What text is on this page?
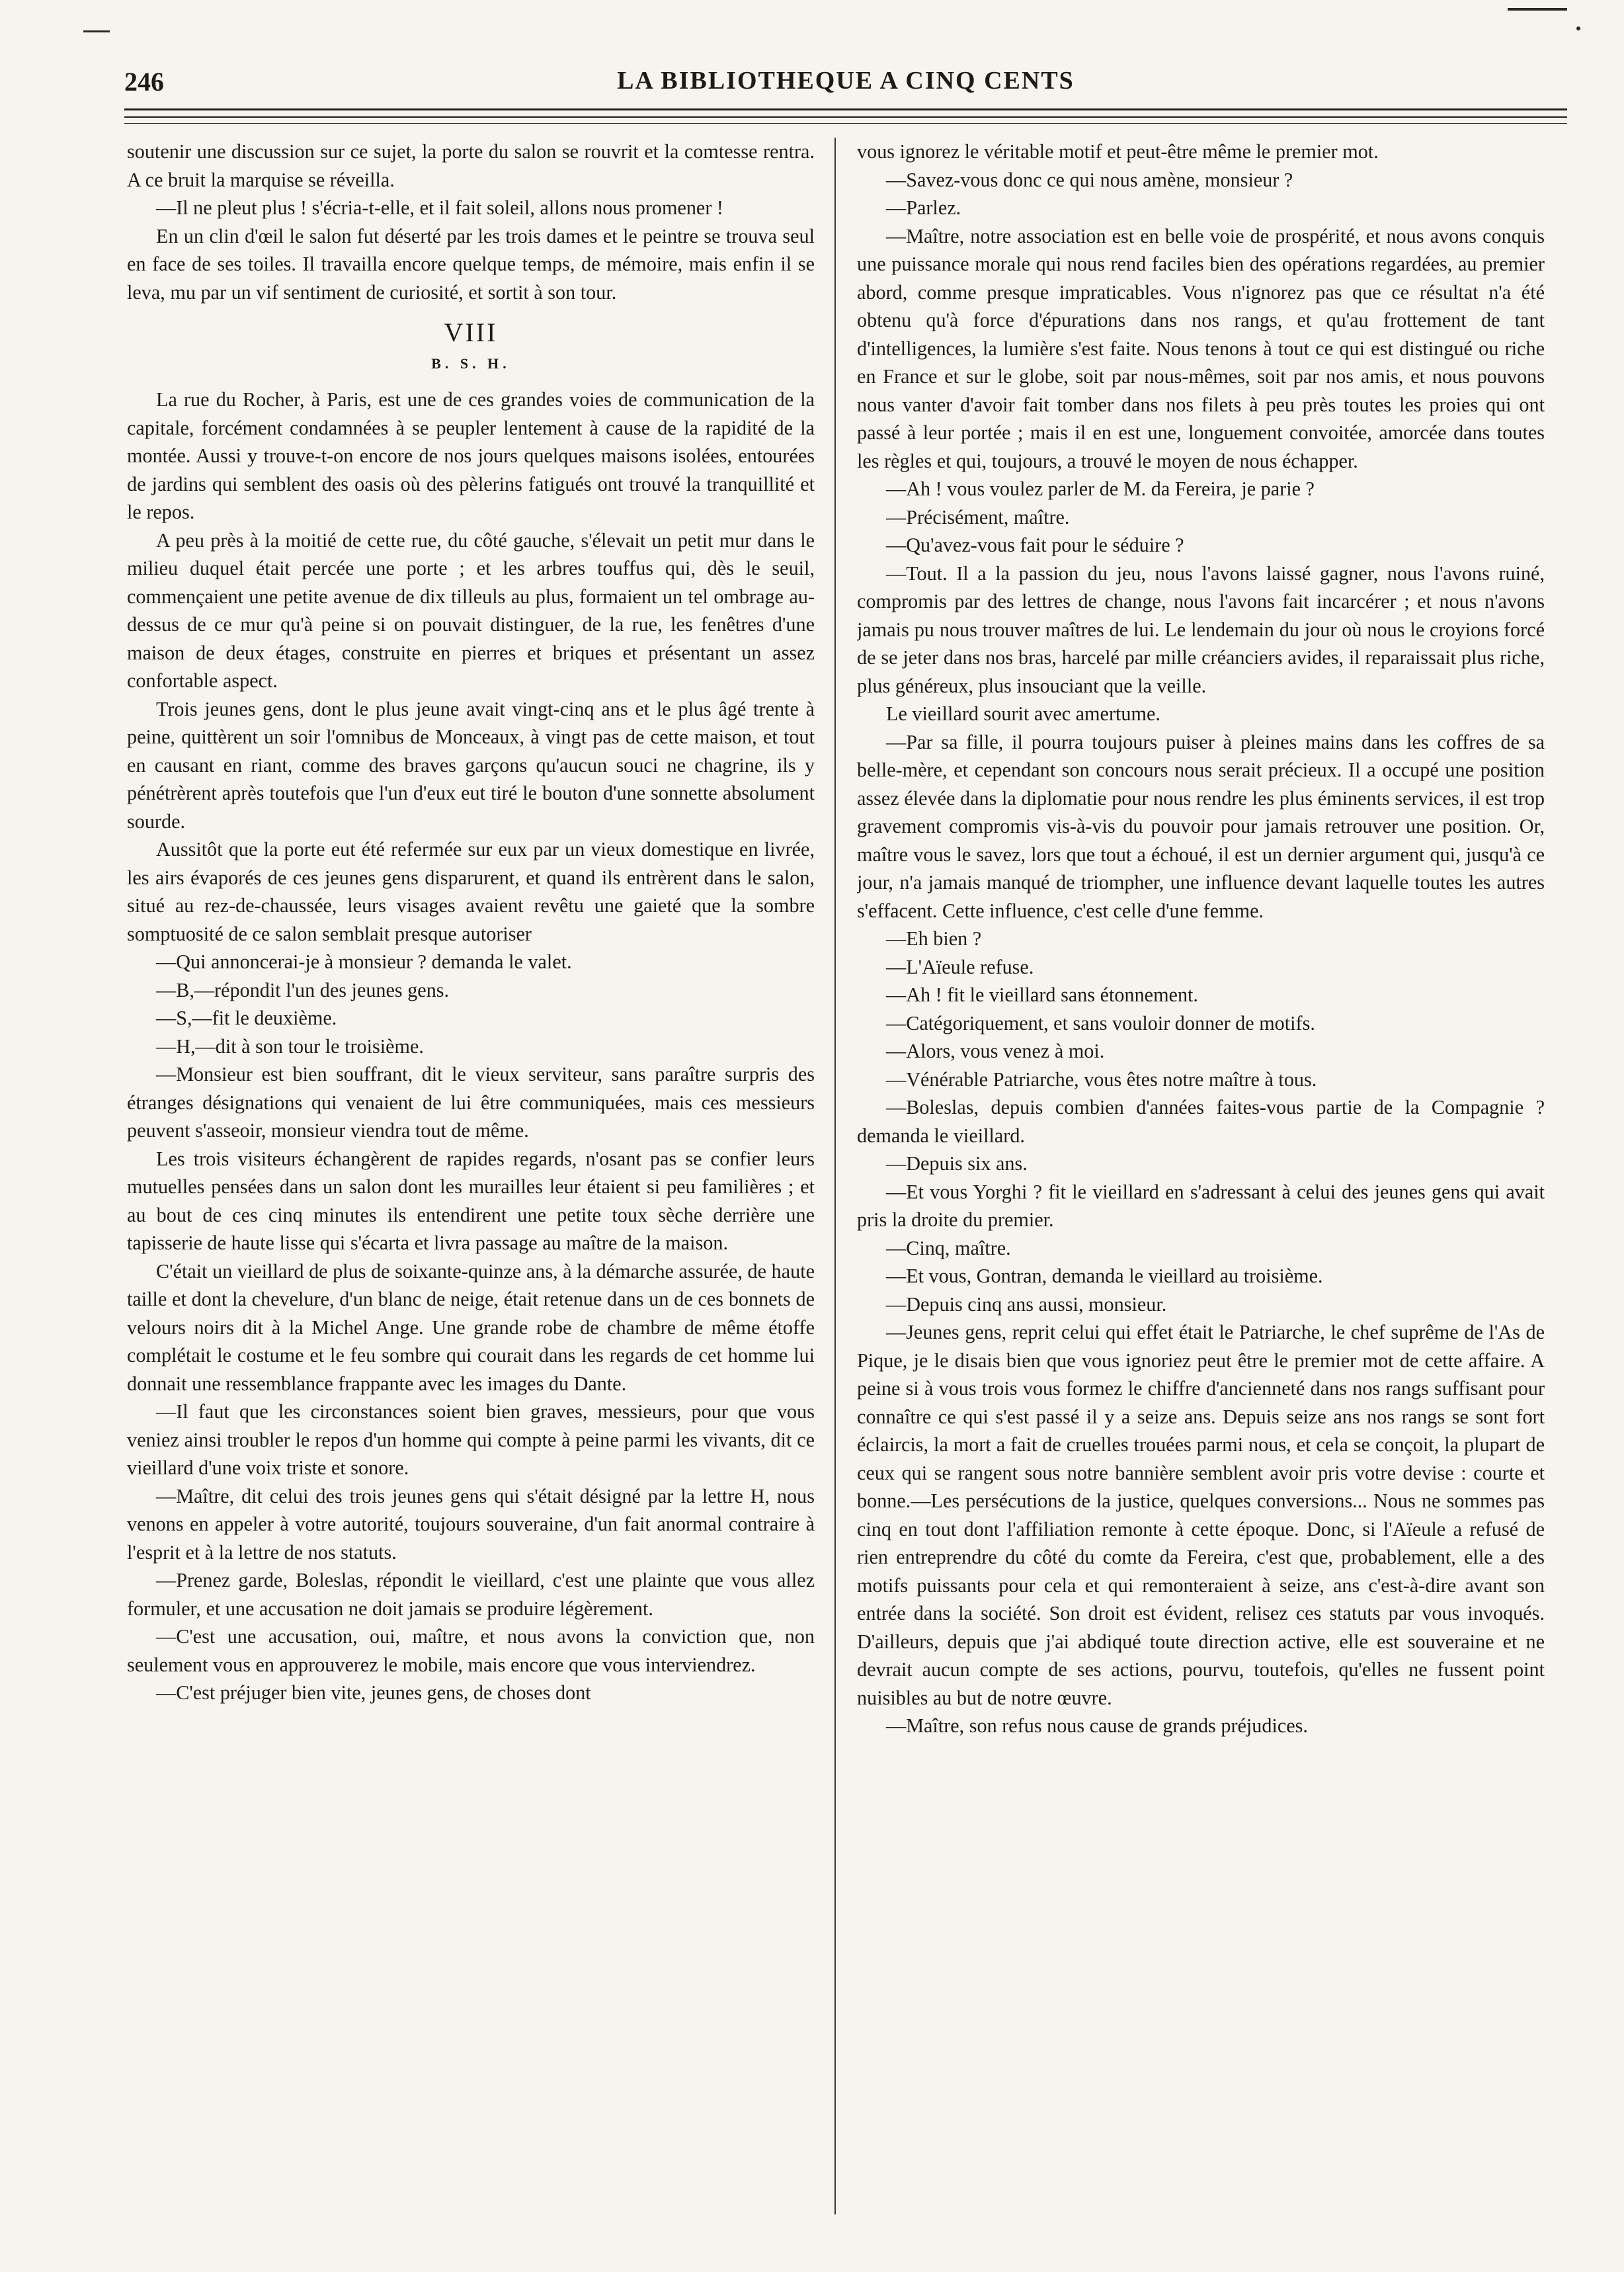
246	LA BIBLIOTHEQUE A CINQ CENTS

soutenir une discussion sur ce sujet, la porte du salon se rouvrit et la comtesse rentra. A ce bruit la marquise se réveilla.

—Il ne pleut plus ! s'écria-t-elle, et il fait soleil, allons nous promener !

En un clin d'œil le salon fut déserté par les trois dames et le peintre se trouva seul en face de ses toiles. Il travailla encore quelque temps, de mémoire, mais enfin il se leva, mu par un vif sentiment de curiosité, et sortit à son tour.

VIII
B. S. H.

La rue du Rocher, à Paris, est une de ces grandes voies de communication de la capitale, forcément condamnées à se peupler lentement à cause de la rapidité de la montée. Aussi y trouve-t-on encore de nos jours quelques maisons isolées, entourées de jardins qui semblent des oasis où des pèlerins fatigués ont trouvé la tranquillité et le repos.

A peu près à la moitié de cette rue, du côté gauche, s'élevait un petit mur dans le milieu duquel était percée une porte ; et les arbres touffus qui, dès le seuil, commençaient une petite avenue de dix tilleuls au plus, formaient un tel ombrage au-dessus de ce mur qu'à peine si on pouvait distinguer, de la rue, les fenêtres d'une maison de deux étages, construite en pierres et briques et présentant un assez confortable aspect.

Trois jeunes gens, dont le plus jeune avait vingt-cinq ans et le plus âgé trente à peine, quittèrent un soir l'omnibus de Monceaux, à vingt pas de cette maison, et tout en causant en riant, comme des braves garçons qu'aucun souci ne chagrine, ils y pénétrèrent après toutefois que l'un d'eux eut tiré le bouton d'une sonnette absolument sourde.

Aussitôt que la porte eut été refermée sur eux par un vieux domestique en livrée, les airs évaporés de ces jeunes gens disparurent, et quand ils entrèrent dans le salon, situé au rez-de-chaussée, leurs visages avaient revêtu une gaieté que la sombre somptuosité de ce salon semblait presque autoriser

—Qui annoncerai-je à monsieur ? demanda le valet.

—B,—répondit l'un des jeunes gens.

—S,—fit le deuxième.

—H,—dit à son tour le troisième.

—Monsieur est bien souffrant, dit le vieux serviteur, sans paraître surpris des étranges désignations qui venaient de lui être communiquées, mais ces messieurs peuvent s'asseoir, monsieur viendra tout de même.

Les trois visiteurs échangèrent de rapides regards, n'osant pas se confier leurs mutuelles pensées dans un salon dont les murailles leur étaient si peu familières ; et au bout de ces cinq minutes ils entendirent une petite toux sèche derrière une tapisserie de haute lisse qui s'écarta et livra passage au maître de la maison.

C'était un vieillard de plus de soixante-quinze ans, à la démarche assurée, de haute taille et dont la chevelure, d'un blanc de neige, était retenue dans un de ces bonnets de velours noirs dit à la Michel Ange. Une grande robe de chambre de même étoffe complétait le costume et le feu sombre qui courait dans les regards de cet homme lui donnait une ressemblance frappante avec les images du Dante.

—Il faut que les circonstances soient bien graves, messieurs, pour que vous veniez ainsi troubler le repos d'un homme qui compte à peine parmi les vivants, dit ce vieillard d'une voix triste et sonore.

—Maître, dit celui des trois jeunes gens qui s'était désigné par la lettre H, nous venons en appeler à votre autorité, toujours souveraine, d'un fait anormal contraire à l'esprit et à la lettre de nos statuts.

—Prenez garde, Boleslas, répondit le vieillard, c'est une plainte que vous allez formuler, et une accusation ne doit jamais se produire légèrement.

—C'est une accusation, oui, maître, et nous avons la conviction que, non seulement vous en approuverez le mobile, mais encore que vous interviendrez.

—C'est préjuger bien vite, jeunes gens, de choses dont

vous ignorez le véritable motif et peut-être même le premier mot.

—Savez-vous donc ce qui nous amène, monsieur ?

—Parlez.

—Maître, notre association est en belle voie de prospérité, et nous avons conquis une puissance morale qui nous rend faciles bien des opérations regardées, au premier abord, comme presque impraticables. Vous n'ignorez pas que ce résultat n'a été obtenu qu'à force d'épurations dans nos rangs, et qu'au frottement de tant d'intelligences, la lumière s'est faite. Nous tenons à tout ce qui est distingué ou riche en France et sur le globe, soit par nous-mêmes, soit par nos amis, et nous pouvons nous vanter d'avoir fait tomber dans nos filets à peu près toutes les proies qui ont passé à leur portée ; mais il en est une, longuement convoitée, amorcée dans toutes les règles et qui, toujours, a trouvé le moyen de nous échapper.

—Ah ! vous voulez parler de M. da Fereira, je parie ?

—Précisément, maître.

—Qu'avez-vous fait pour le séduire ?

—Tout. Il a la passion du jeu, nous l'avons laissé gagner, nous l'avons ruiné, compromis par des lettres de change, nous l'avons fait incarcérer ; et nous n'avons jamais pu nous trouver maîtres de lui. Le lendemain du jour où nous le croyions forcé de se jeter dans nos bras, harcelé par mille créanciers avides, il reparaissait plus riche, plus généreux, plus insouciant que la veille.

Le vieillard sourit avec amertume.

—Par sa fille, il pourra toujours puiser à pleines mains dans les coffres de sa belle-mère, et cependant son concours nous serait précieux. Il a occupé une position assez élevée dans la diplomatie pour nous rendre les plus éminents services, il est trop gravement compromis vis-à-vis du pouvoir pour jamais retrouver une position. Or, maître vous le savez, lors que tout a échoué, il est un dernier argument qui, jusqu'à ce jour, n'a jamais manqué de triompher, une influence devant laquelle toutes les autres s'effacent. Cette influence, c'est celle d'une femme.

—Eh bien ?

—L'Aïeule refuse.

—Ah ! fit le vieillard sans étonnement.

—Catégoriquement, et sans vouloir donner de motifs.

—Alors, vous venez à moi.

—Vénérable Patriarche, vous êtes notre maître à tous.

—Boleslas, depuis combien d'années faites-vous partie de la Compagnie ? demanda le vieillard.

—Depuis six ans.

—Et vous Yorghi ? fit le vieillard en s'adressant à celui des jeunes gens qui avait pris la droite du premier.

—Cinq, maître.

—Et vous, Gontran, demanda le vieillard au troisième.

—Depuis cinq ans aussi, monsieur.

—Jeunes gens, reprit celui qui effet était le Patriarche, le chef suprême de l'As de Pique, je le disais bien que vous ignoriez peut être le premier mot de cette affaire. A peine si à vous trois vous formez le chiffre d'ancienneté dans nos rangs suffisant pour connaître ce qui s'est passé il y a seize ans. Depuis seize ans nos rangs se sont fort éclaircis, la mort a fait de cruelles trouées parmi nous, et cela se conçoit, la plupart de ceux qui se rangent sous notre bannière semblent avoir pris votre devise : courte et bonne.—Les persécutions de la justice, quelques conversions... Nous ne sommes pas cinq en tout dont l'affiliation remonte à cette époque. Donc, si l'Aïeule a refusé de rien entreprendre du côté du comte da Fereira, c'est que, probablement, elle a des motifs puissants pour cela et qui remonteraient à seize, ans c'est-à-dire avant son entrée dans la société. Son droit est évident, relisez ces statuts par vous invoqués. D'ailleurs, depuis que j'ai abdiqué toute direction active, elle est souveraine et ne devrait aucun compte de ses actions, pourvu, toutefois, qu'elles ne fussent point nuisibles au but de notre œuvre.

—Maître, son refus nous cause de grands préjudices.
